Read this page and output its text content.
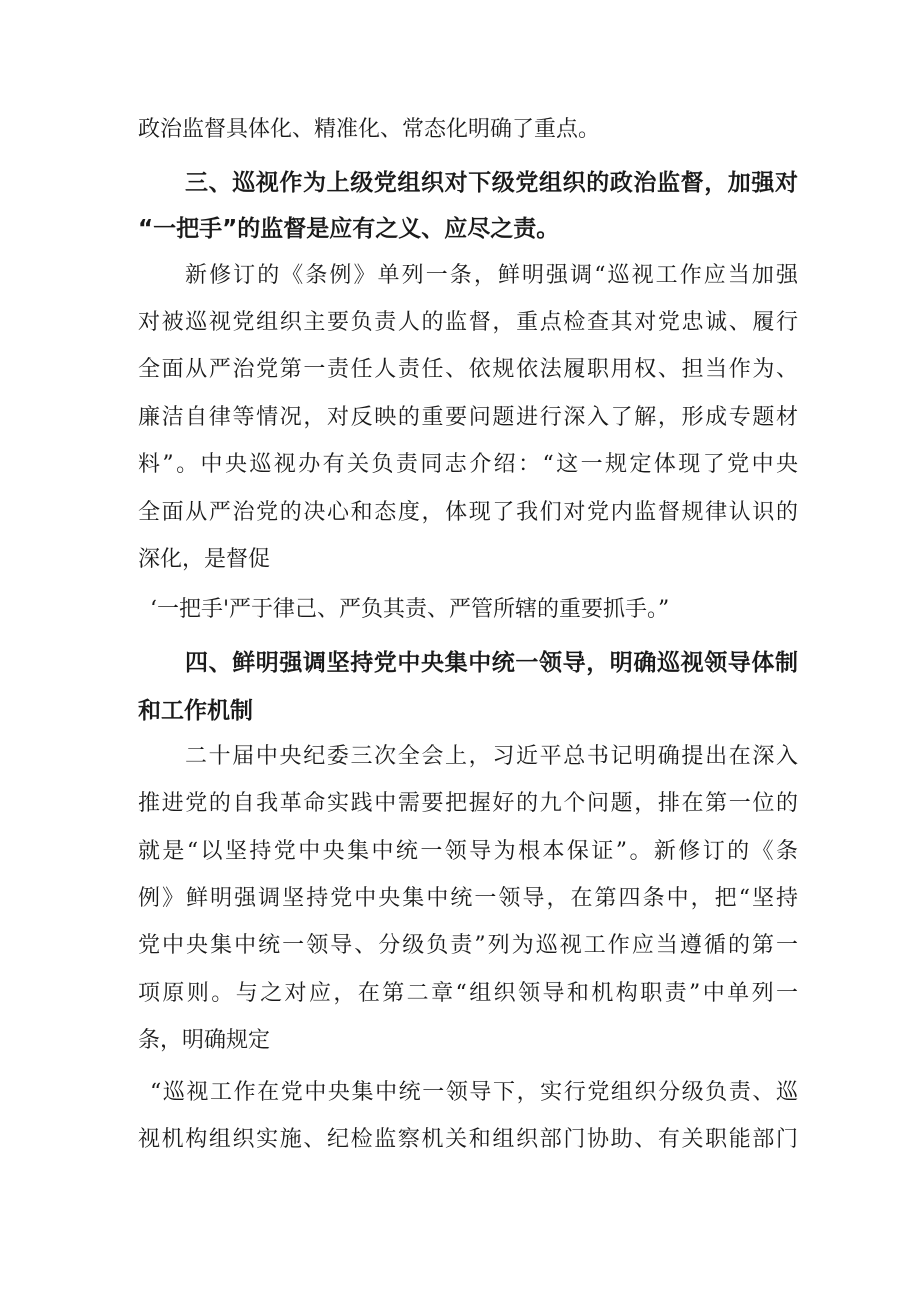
政治监督具体化、精准化、常态化明确了重点。
三、巡视作为上级党组织对下级党组织的政治监督，加强对
“一把手”的监督是应有之义、应尽之责。
新修订的《条例》单列一条，鲜明强调“巡视工作应当加强
对被巡视党组织主要负责人的监督，重点检查其对党忠诚、履行
全面从严治党第一责任人责任、依规依法履职用权、担当作为、
廉洁自律等情况，对反映的重要问题进行深入了解，形成专题材
料”。中央巡视办有关负责同志介绍：“这一规定体现了党中央
全面从严治党的决心和态度，体现了我们对党内监督规律认识的
深化，是督促
‘一把手'严于律己、严负其责、严管所辖的重要抓手。”
四、鲜明强调坚持党中央集中统一领导，明确巡视领导体制
和工作机制
二十届中央纪委三次全会上，习近平总书记明确提出在深入
推进党的自我革命实践中需要把握好的九个问题，排在第一位的
就是“以坚持党中央集中统一领导为根本保证”。新修订的《条
例》鲜明强调坚持党中央集中统一领导，在第四条中，把“坚持
党中央集中统一领导、分级负责”列为巡视工作应当遵循的第一
项原则。与之对应，在第二章“组织领导和机构职责”中单列一
条，明确规定
“巡视工作在党中央集中统一领导下，实行党组织分级负责、巡
视机构组织实施、纪检监察机关和组织部门协助、有关职能部门
